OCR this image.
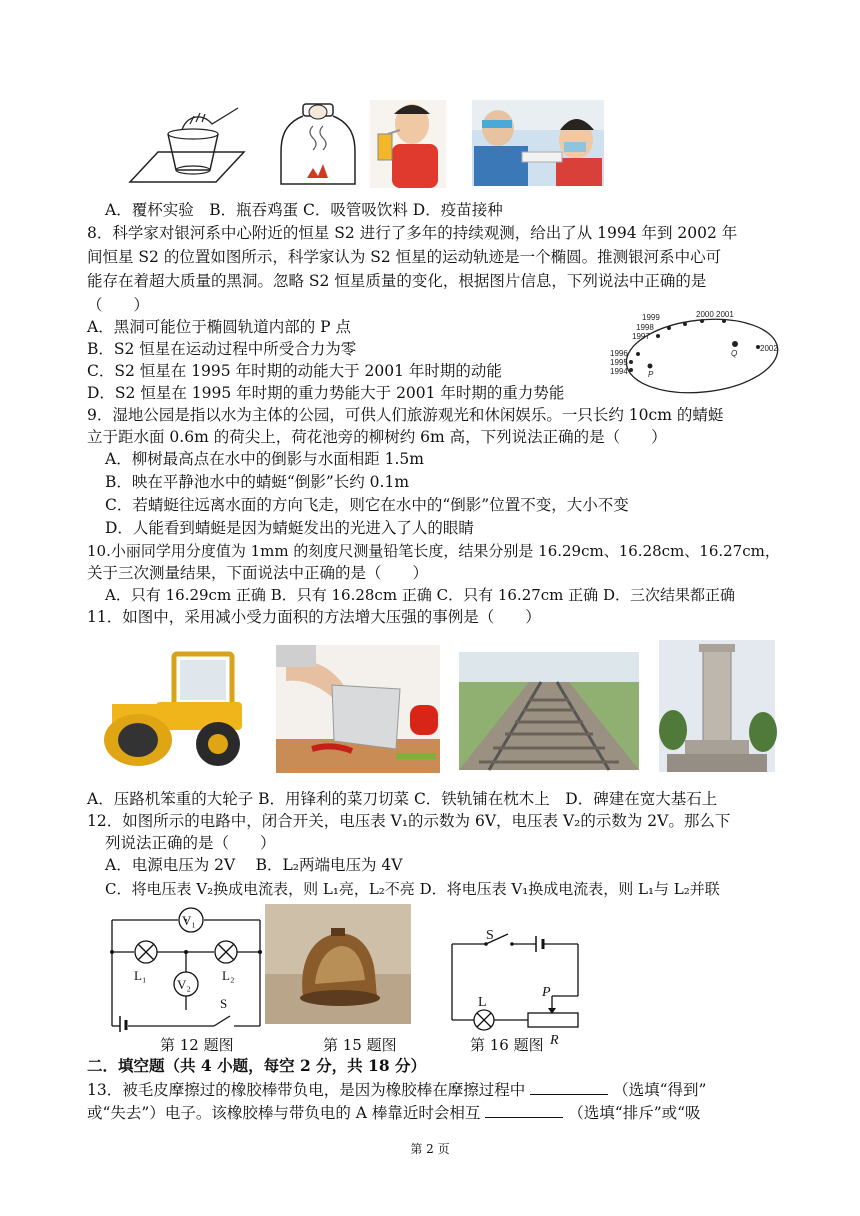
A．覆杯实验　B．瓶吞鸡蛋 C．吸管吸饮料 D．疫苗接种
8．科学家对银河系中心附近的恒星 S2 进行了多年的持续观测，给出了从 1994 年到 2002 年
间恒星 S2 的位置如图所示，科学家认为 S2 恒星的运动轨迹是一个椭圆。推测银河系中心可
能存在着超大质量的黑洞。忽略 S2 恒星质量的变化，根据图片信息，下列说法中正确的是
（　　）
A．黑洞可能位于椭圆轨道内部的 P 点
B．S2 恒星在运动过程中所受合力为零
C．S2 恒星在 1995 年时期的动能大于 2001 年时期的动能
D．S2 恒星在 1995 年时期的重力势能大于 2001 年时期的重力势能
2000 2001
1999
1998
1997
1996
1995
1994
2002
Q
P
9．湿地公园是指以水为主体的公园，可供人们旅游观光和休闲娱乐。一只长约 10cm 的蜻蜓
立于距水面 0.6m 的荷尖上，荷花池旁的柳树约 6m 高，下列说法正确的是（　　）
A．柳树最高点在水中的倒影与水面相距 1.5m
B．映在平静池水中的蜻蜓“倒影”长约 0.1m
C．若蜻蜓往远离水面的方向飞走，则它在水中的“倒影”位置不变，大小不变
D．人能看到蜻蜓是因为蜻蜓发出的光进入了人的眼睛
10.小丽同学用分度值为 1mm 的刻度尺测量铅笔长度，结果分别是 16.29cm、16.28cm、16.27cm，
关于三次测量结果，下面说法中正确的是（　　）
A．只有 16.29cm 正确 B．只有 16.28cm 正确 C．只有 16.27cm 正确 D．三次结果都正确
11．如图中，采用减小受力面积的方法增大压强的事例是（　　）
A．压路机笨重的大轮子 B．用锋利的菜刀切菜 C．铁轨铺在枕木上　D．碑建在宽大基石上
12．如图所示的电路中，闭合开关，电压表 V₁的示数为 6V，电压表 V₂的示数为 2V。那么下
列说法正确的是（　　）
A．电源电压为 2V　 B．L₂两端电压为 4V
C．将电压表 V₂换成电流表，则 L₁亮，L₂不亮 D．将电压表 V₁换成电流表，则 L₁与 L₂并联
V₁
V₂
L₁	L₂
S
S
L
P
R
第 12 题图	第 15 题图	第 16 题图
二．填空题（共 4 小题，每空 2 分，共 18 分）
13．被毛皮摩擦过的橡胶棒带负电，是因为橡胶棒在摩擦过程中	（选填“得到”
或“失去”）电子。该橡胶棒与带负电的 A 棒靠近时会相互	（选填“排斥”或“吸
第 2 页
